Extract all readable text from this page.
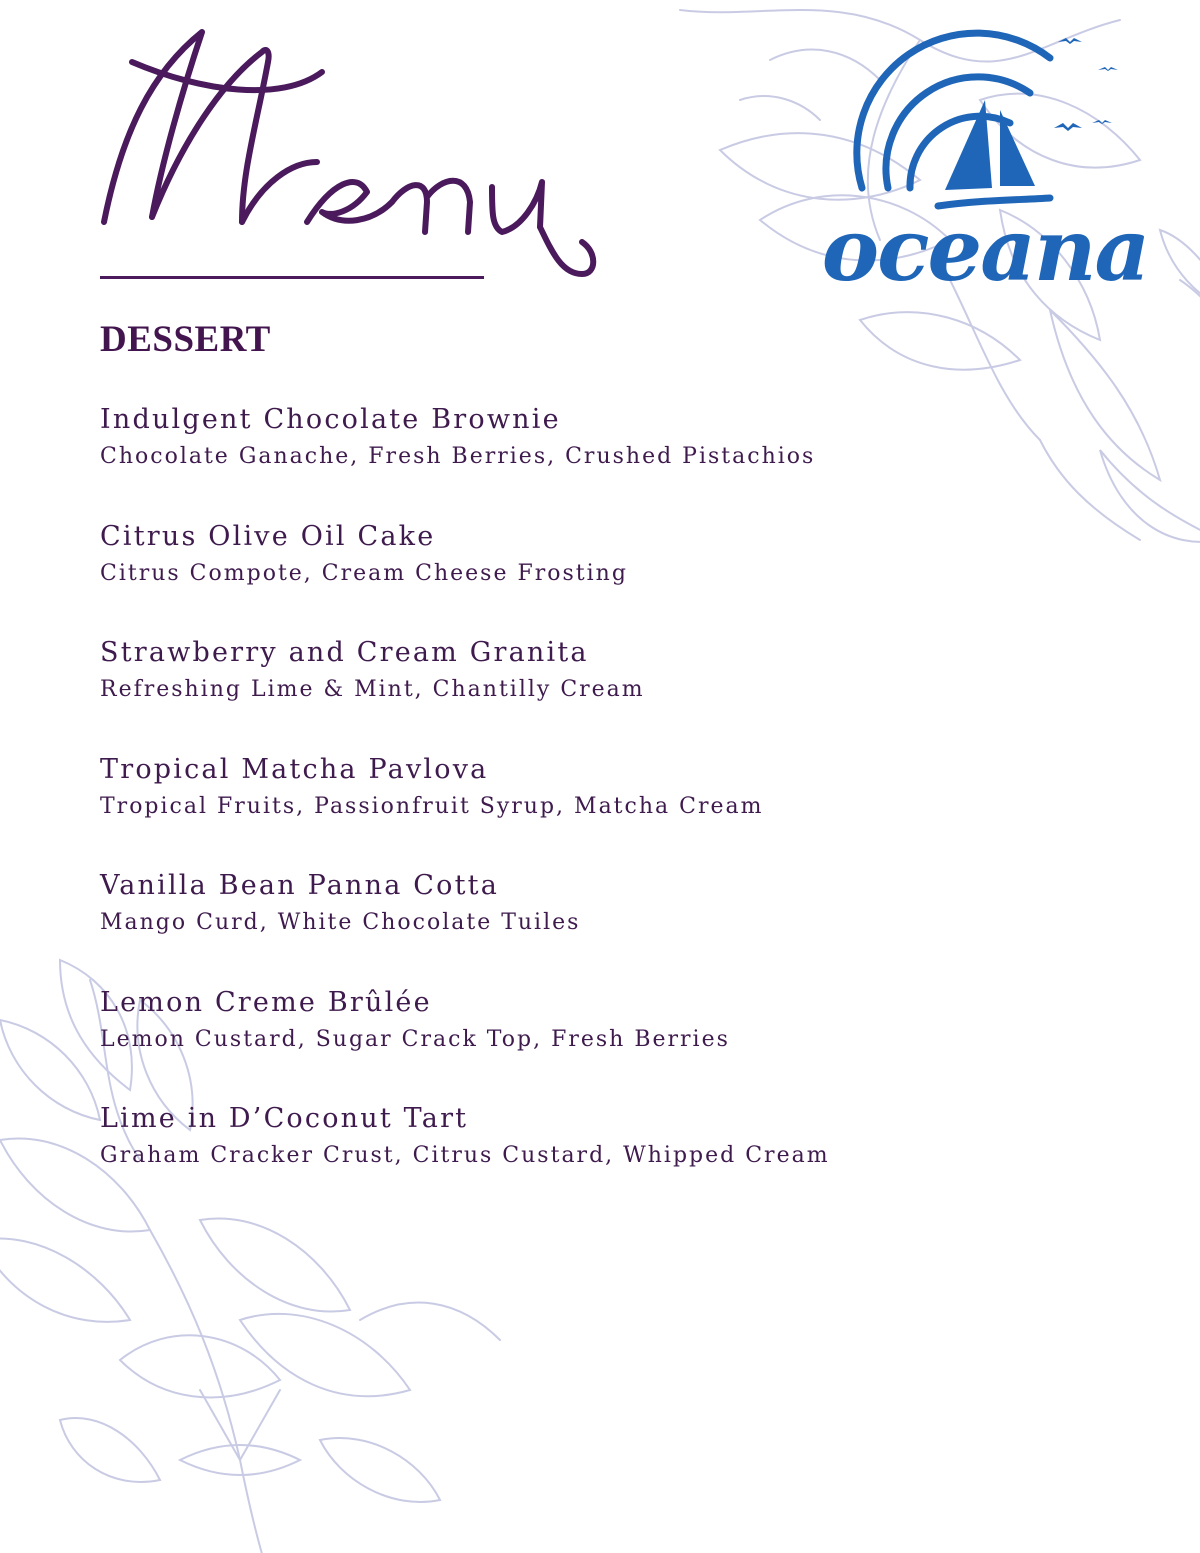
oceana
DESSERT
Indulgent Chocolate Brownie
Chocolate Ganache, Fresh Berries, Crushed Pistachios
Citrus Olive Oil Cake
Citrus Compote, Cream Cheese Frosting
Strawberry and Cream Granita
Refreshing Lime & Mint, Chantilly Cream
Tropical Matcha Pavlova
Tropical Fruits, Passionfruit Syrup, Matcha Cream
Vanilla Bean Panna Cotta
Mango Curd, White Chocolate Tuiles
Lemon Creme Brûlée
Lemon Custard, Sugar Crack Top, Fresh Berries
Lime in D’Coconut Tart
Graham Cracker Crust, Citrus Custard, Whipped Cream
